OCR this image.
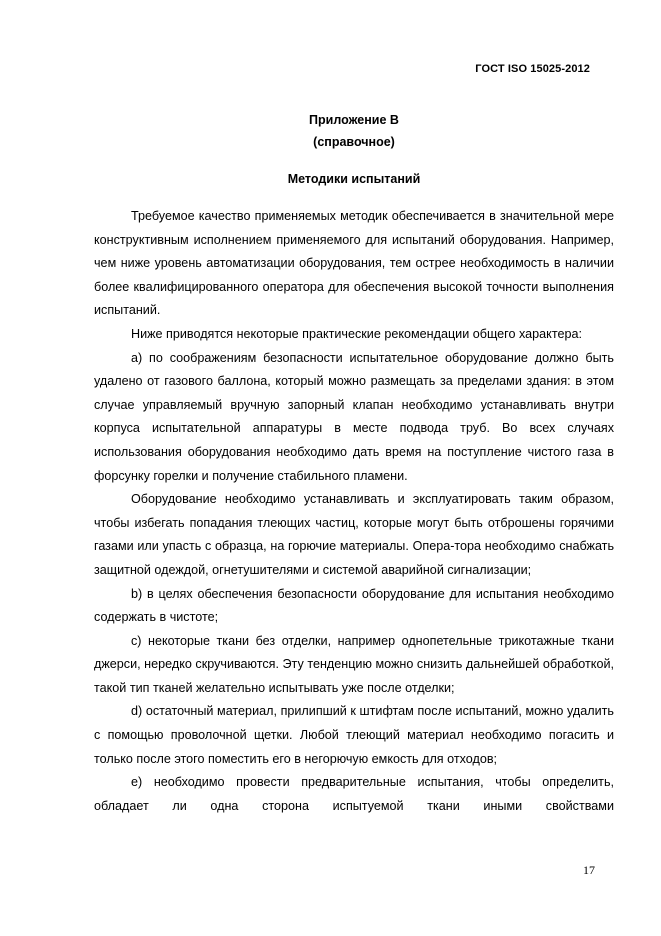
ГОСТ ISO 15025-2012
Приложение В
(справочное)
Методики испытаний

Требуемое качество применяемых методик обеспечивается в значительной мере конструктивным исполнением применяемого для испытаний оборудования. Например, чем ниже уровень автоматизации оборудования, тем острее необходимость в наличии более квалифицированного оператора для обеспечения высокой точности выполнения испытаний.

Ниже приводятся некоторые практические рекомендации общего характера:

a) по соображениям безопасности испытательное оборудование должно быть удалено от газового баллона, который можно размещать за пределами здания: в этом случае управляемый вручную запорный клапан необходимо устанавливать внутри корпуса испытательной аппаратуры в месте подвода труб. Во всех случаях использования оборудования необходимо дать время на поступление чистого газа в форсунку горелки и получение стабильного пламени.

Оборудование необходимо устанавливать и эксплуатировать таким образом, чтобы избегать попадания тлеющих частиц, которые могут быть отброшены горячими газами или упасть с образца, на горючие материалы. Опера-тора необходимо снабжать защитной одеждой, огнетушителями и системой аварийной сигнализации;

b) в целях обеспечения безопасности оборудование для испытания необходимо содержать в чистоте;

c) некоторые ткани без отделки, например однопетельные трикотажные ткани джерси, нередко скручиваются. Эту тенденцию можно снизить дальнейшей обработкой, такой тип тканей желательно испытывать уже после отделки;

d) остаточный материал, прилипший к штифтам после испытаний, можно удалить с помощью проволочной щетки. Любой тлеющий материал необходимо погасить и только после этого поместить его в негорючую емкость для отходов;

e) необходимо провести предварительные испытания, чтобы определить, обладает ли одна сторона испытуемой ткани иными свойствами

17
